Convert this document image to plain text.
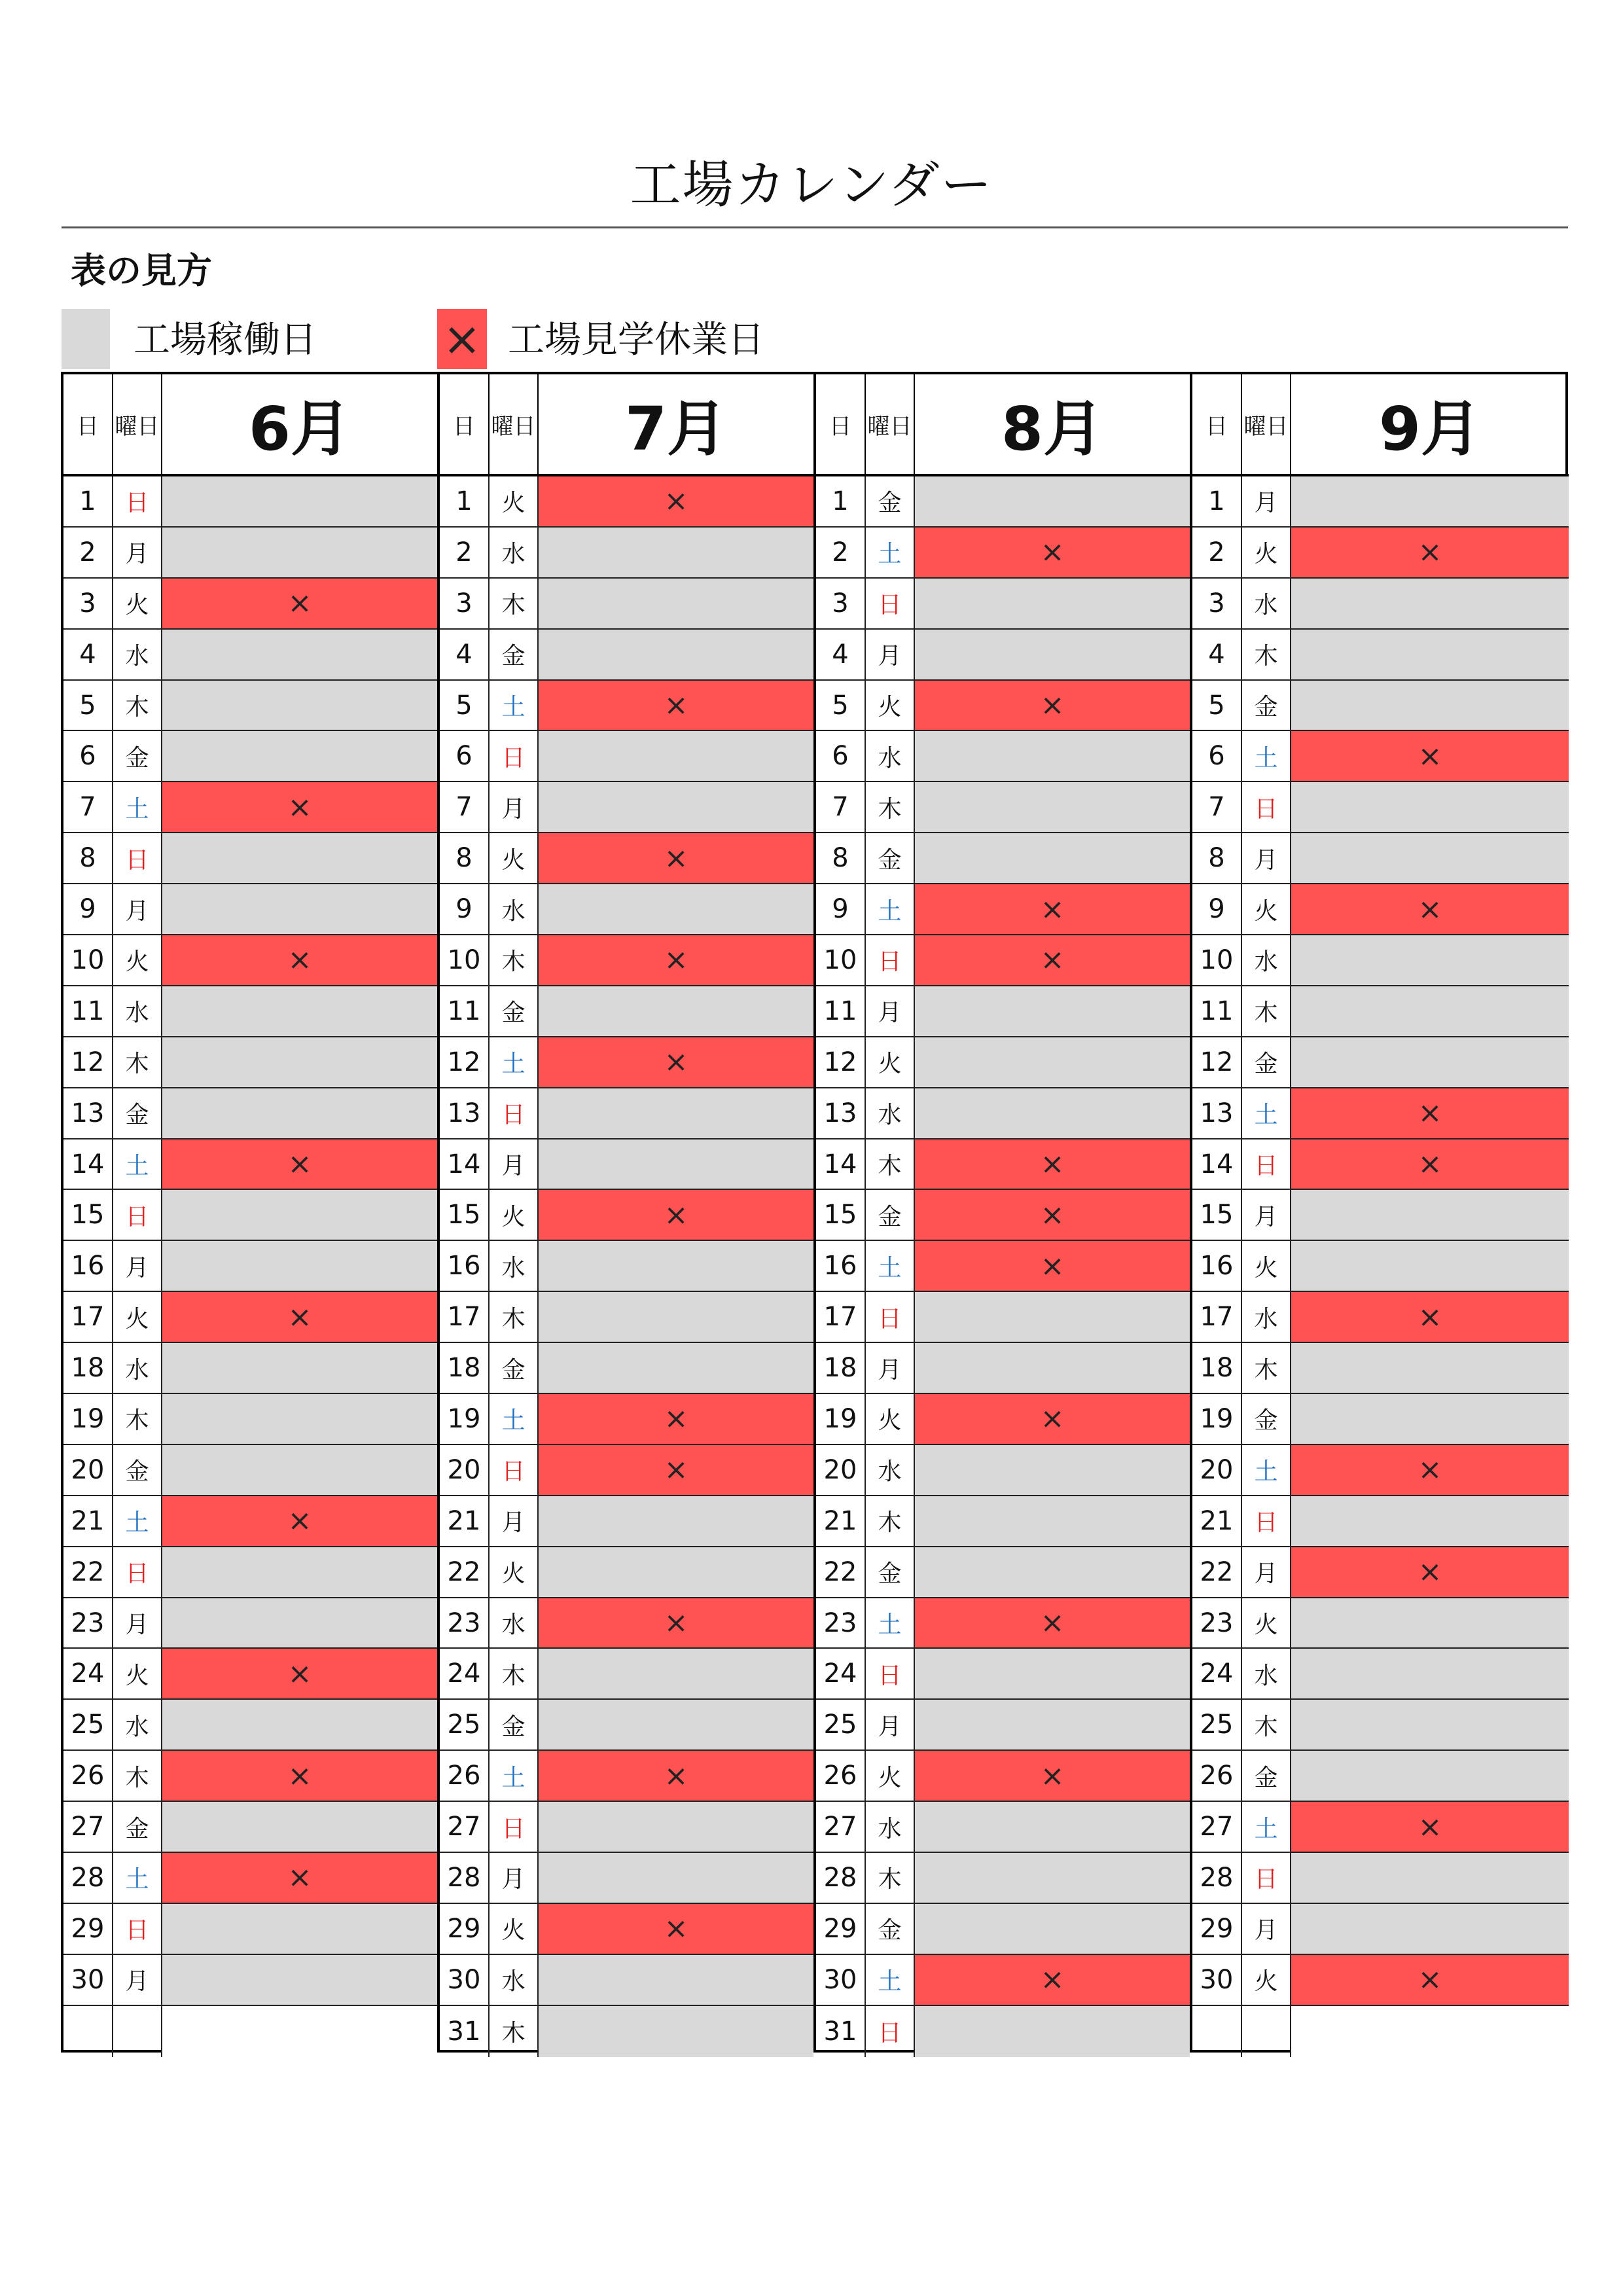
工場カレンダー
表の見方
工場稼働日	× 工場見学休業日
日 曜日	6月
1	日
2	月
3	火	×
4	水
5	木
6	金
7	土	×
8	日
9	月
10 火	×
11 水
12 木
13 金
14 土	×
15 日
16 月
17 火	×
18 水
19 木
20 金
21 土	×
22 日
23 月
24 火	×
25 水
26 木	×
27 金
28 土	×
29 日
30 月
日 曜日	7月
1	火	×
2	水
3	木
4	金
5	土	×
6	日
7	月
8	火	×
9	水
10 木	×
11 金
12 土	×
13 日
14 月
15 火	×
16 水
17 木
18 金
19 土	×
20 日	×
21 月
22 火
23 水	×
24 木
25 金
26 土	×
27 日
28 月
29 火	×
30 水
31 木
日 曜日	8月
1	金
2	土	×
3	日
4	月
5	火	×
6	水
7	木
8	金
9	土	×
10 日	×
11 月
12 火
13 水
14 木	×
15 金	×
16 土	×
17 日
18 月
19 火	×
20 水
21 木
22 金
23 土	×
24 日
25 月
26 火	×
27 水
28 木
29 金
30 土	×
31 日
日 曜日	9月
1	月
2	火	×
3	水
4	木
5	金
6	土	×
7	日
8	月
9	火	×
10 水
11 木
12 金
13 土	×
14 日	×
15 月
16 火
17 水	×
18 木
19 金
20 土	×
21 日
22 月	×
23 火
24 水
25 木
26 金
27 土	×
28 日
29 月
30 火	×
